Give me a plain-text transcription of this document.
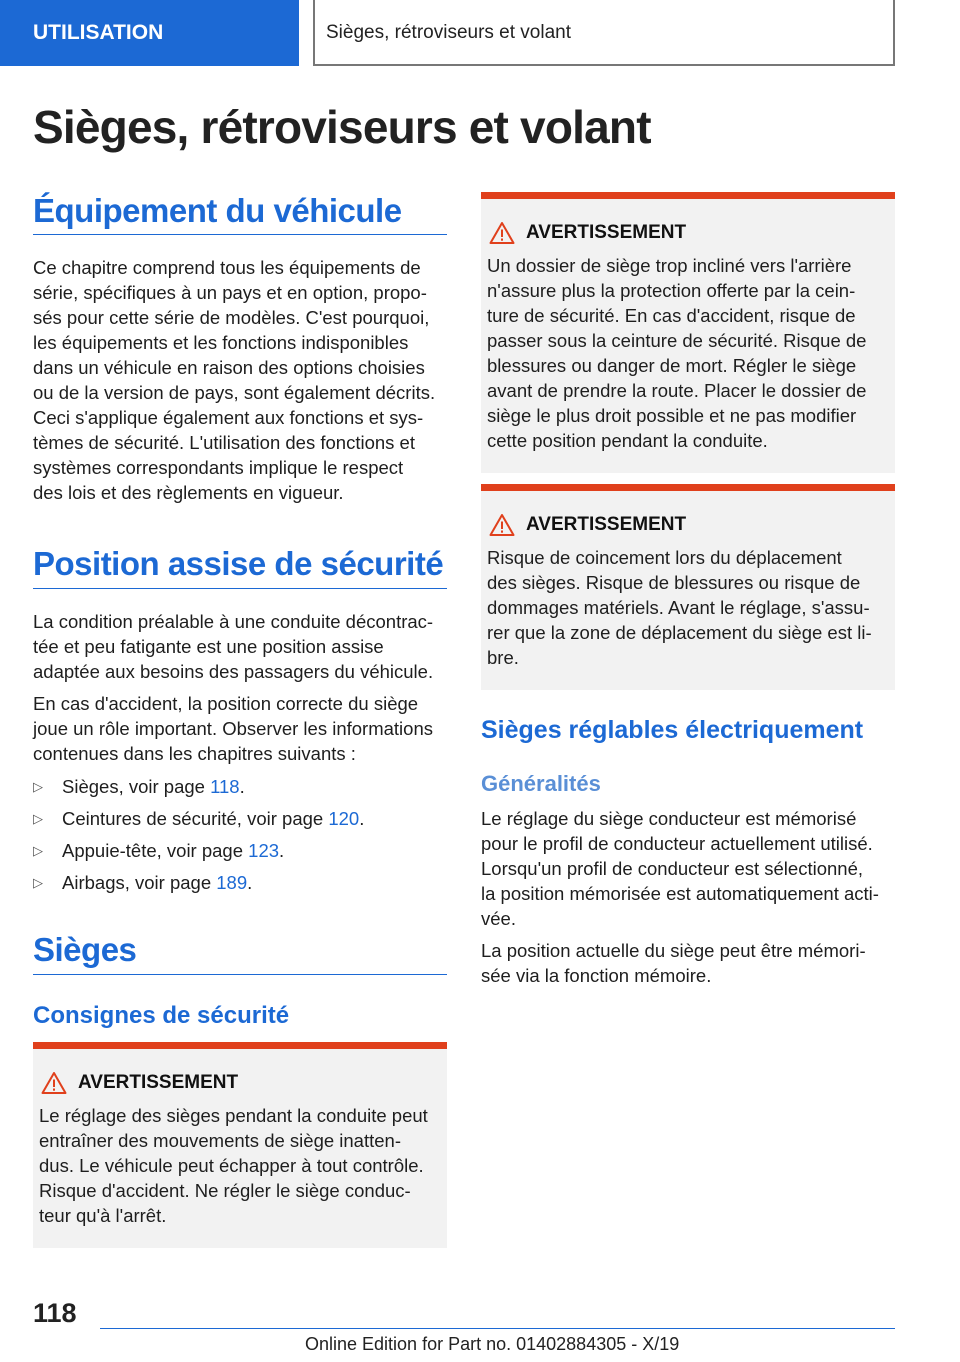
UTILISATION	Sièges, rétroviseurs et volant
Sièges, rétroviseurs et volant
Équipement du véhicule
Ce chapitre comprend tous les équipements de
série, spécifiques à un pays et en option, propo-
sés pour cette série de modèles. C'est pourquoi,
les équipements et les fonctions indisponibles
dans un véhicule en raison des options choisies
ou de la version de pays, sont également décrits.
Ceci s'applique également aux fonctions et sys-
tèmes de sécurité. L'utilisation des fonctions et
systèmes correspondants implique le respect
des lois et des règlements en vigueur.
Position assise de sécurité
La condition préalable à une conduite décontrac-
tée et peu fatigante est une position assise
adaptée aux besoins des passagers du véhicule.
En cas d'accident, la position correcte du siège
joue un rôle important. Observer les informations
contenues dans les chapitres suivants :
▷ Sièges, voir page 118.
▷ Ceintures de sécurité, voir page 120.
▷ Appuie-tête, voir page 123.
▷ Airbags, voir page 189.
Sièges
Consignes de sécurité
AVERTISSEMENT
Le réglage des sièges pendant la conduite peut
entraîner des mouvements de siège inatten-
dus. Le véhicule peut échapper à tout contrôle.
Risque d'accident. Ne régler le siège conduc-
teur qu'à l'arrêt.
AVERTISSEMENT
Un dossier de siège trop incliné vers l'arrière
n'assure plus la protection offerte par la cein-
ture de sécurité. En cas d'accident, risque de
passer sous la ceinture de sécurité. Risque de
blessures ou danger de mort. Régler le siège
avant de prendre la route. Placer le dossier de
siège le plus droit possible et ne pas modifier
cette position pendant la conduite.
AVERTISSEMENT
Risque de coincement lors du déplacement
des sièges. Risque de blessures ou risque de
dommages matériels. Avant le réglage, s'assu-
rer que la zone de déplacement du siège est li-
bre.
Sièges réglables électriquement
Généralités
Le réglage du siège conducteur est mémorisé
pour le profil de conducteur actuellement utilisé.
Lorsqu'un profil de conducteur est sélectionné,
la position mémorisée est automatiquement acti-
vée.
La position actuelle du siège peut être mémori-
sée via la fonction mémoire.
118
Online Edition for Part no. 01402884305 - X/19
